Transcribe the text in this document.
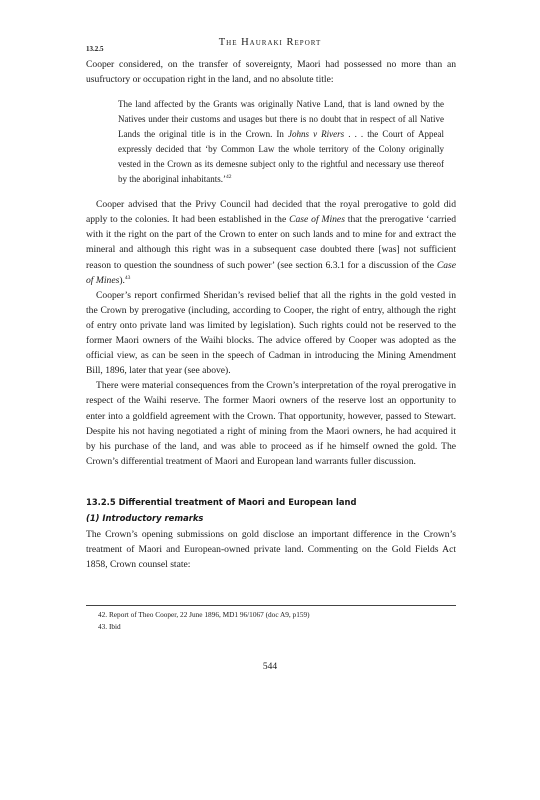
The Hauraki Report
13.2.5

Cooper considered, on the transfer of sovereignty, Maori had possessed no more than an usufructory or occupation right in the land, and no absolute title:

The land affected by the Grants was originally Native Land, that is land owned by the Natives under their customs and usages but there is no doubt that in respect of all Native Lands the original title is in the Crown. In Johns v Rivers . . . the Court of Appeal expressly decided that ‘by Common Law the whole territory of the Colony originally vested in the Crown as its demesne subject only to the rightful and necessary use thereof by the aboriginal inhabitants.’$^{42}$

Cooper advised that the Privy Council had decided that the royal prerogative to gold did apply to the colonies. It had been established in the Case of Mines that the prerogative ‘carried with it the right on the part of the Crown to enter on such lands and to mine for and extract the mineral and although this right was in a subsequent case doubted there [was] not sufficient reason to question the soundness of such power’ (see section 6.3.1 for a discussion of the Case of Mines).$^{43}$

Cooper’s report confirmed Sheridan’s revised belief that all the rights in the gold vested in the Crown by prerogative (including, according to Cooper, the right of entry, although the right of entry onto private land was limited by legislation). Such rights could not be reserved to the former Maori owners of the Waihi blocks. The advice offered by Cooper was adopted as the official view, as can be seen in the speech of Cadman in introducing the Mining Amendment Bill, 1896, later that year (see above).

There were material consequences from the Crown’s interpretation of the royal prerogative in respect of the Waihi reserve. The former Maori owners of the reserve lost an opportunity to enter into a goldfield agreement with the Crown. That opportunity, however, passed to Stewart. Despite his not having negotiated a right of mining from the Maori owners, he had acquired it by his purchase of the land, and was able to proceed as if he himself owned the gold. The Crown’s differential treatment of Maori and European land warrants fuller discussion.

13.2.5 Differential treatment of Maori and European land
(1) Introductory remarks

The Crown’s opening submissions on gold disclose an important difference in the Crown’s treatment of Maori and European-owned private land. Commenting on the Gold Fields Act 1858, Crown counsel state:

42. Report of Theo Cooper, 22 June 1896, MD1 96/1067 (doc A9, p159)
43. Ibid
544
